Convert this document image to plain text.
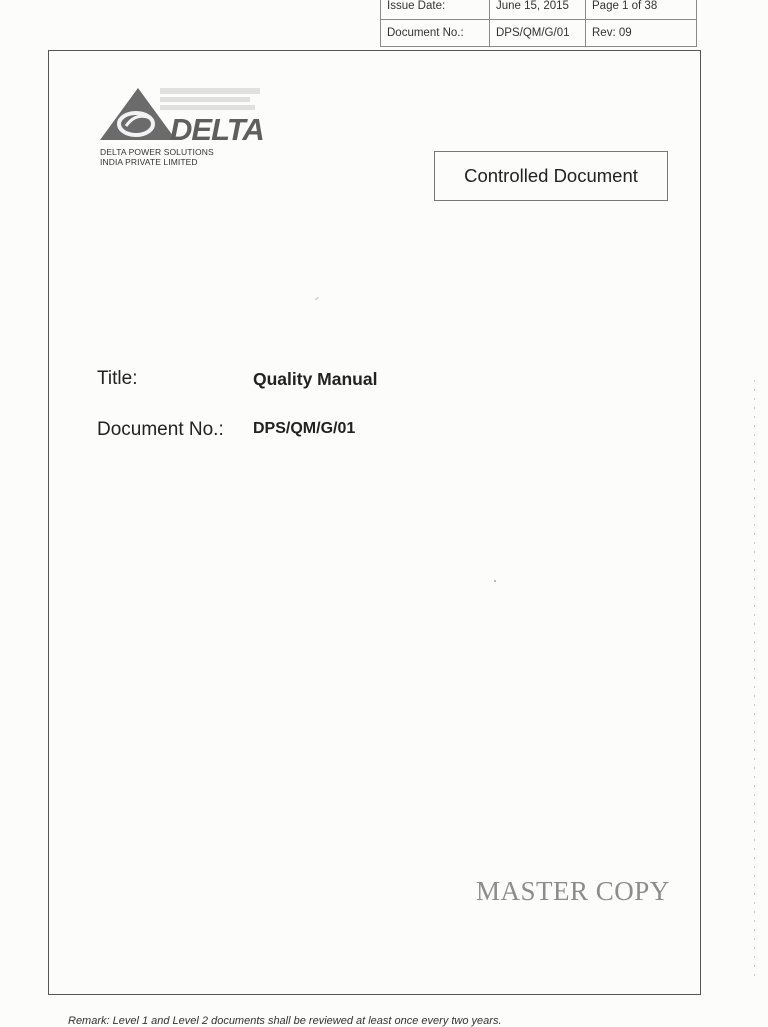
Issue Date:	June 15, 2015	Page 1 of 38
Document No.:	DPS/QM/G/01	Rev: 09
DELTA
DELTA POWER SOLUTIONS
INDIA PRIVATE LIMITED
Controlled Document
Title:	Quality Manual
Document No.: DPS/QM/G/01
MASTER COPY
Remark: Level 1 and Level 2 documents shall be reviewed at least once every two years.
